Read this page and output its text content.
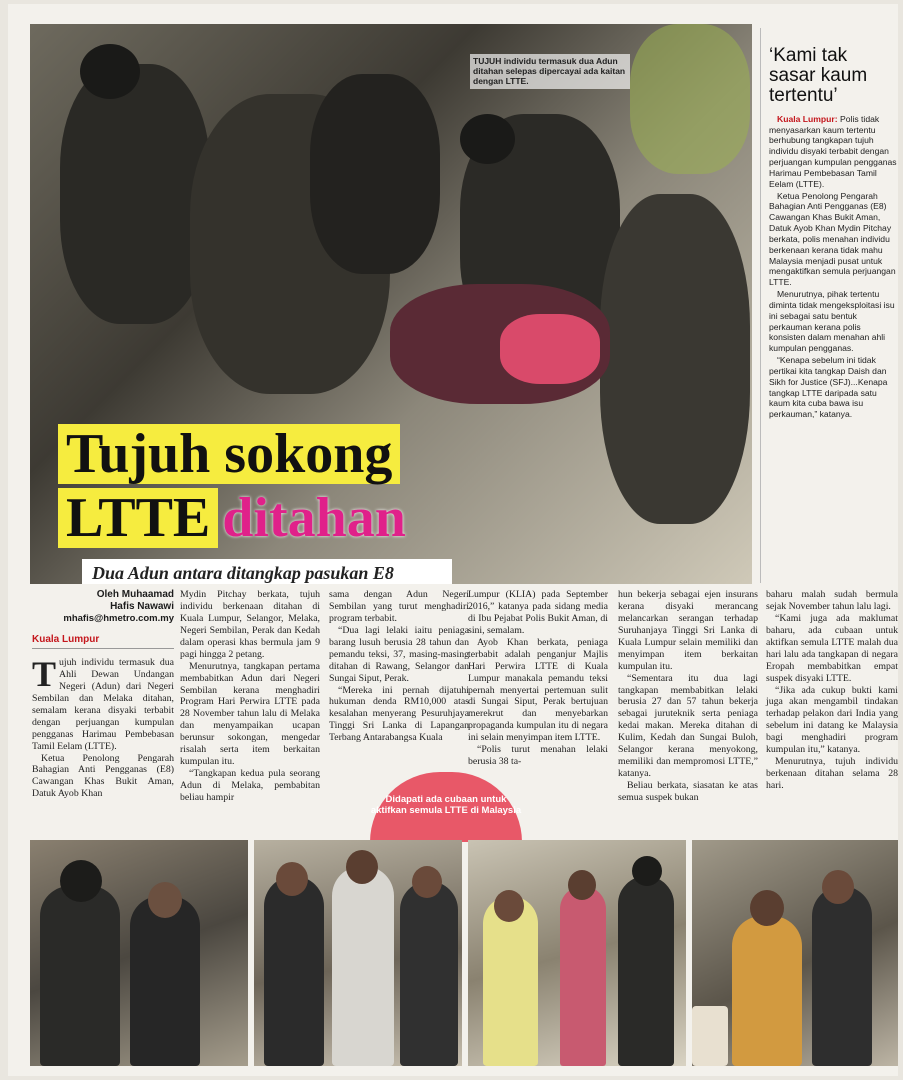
TUJUH individu termasuk dua Adun ditahan selepas dipercayai ada kaitan dengan LTTE.
Tujuh sokong
LTTE ditahan
Dua Adun antara ditangkap pasukan E8
‘Kami tak sasar kaum tertentu’

Kuala Lumpur: Polis tidak menyasarkan kaum tertentu berhubung tangkapan tujuh individu disyaki terbabit dengan perjuangan kumpulan pengganas Harimau Pembebasan Tamil Eelam (LTTE).

Ketua Penolong Pengarah Bahagian Anti Pengganas (E8) Cawangan Khas Bukit Aman, Datuk Ayob Khan Mydin Pitchay berkata, polis menahan individu berkenaan kerana tidak mahu Malaysia menjadi pusat untuk mengaktifkan semula perjuangan LTTE.

Menurutnya, pihak tertentu diminta tidak mengeksploitasi isu ini sebagai satu bentuk perkauman kerana polis konsisten dalam menahan ahli kumpulan pengganas.

“Kenapa sebelum ini tidak pertikai kita tangkap Daish dan Sikh for Justice (SFJ)...Kenapa tangkap LTTE daripada satu kaum kita cuba bawa isu perkauman,” katanya.

Oleh Muhaamad
Hafis Nawawi
mhafis@hmetro.com.my
Kuala Lumpur

Tujuh individu termasuk dua Ahli Dewan Undangan Negeri (Adun) dari Negeri Sembilan dan Melaka ditahan, semalam kerana disyaki terbabit dengan perjuangan kumpulan pengganas Harimau Pembebasan Tamil Eelam (LTTE).

Ketua Penolong Pengarah Bahagian Anti Pengganas (E8) Cawangan Khas Bukit Aman, Datuk Ayob Khan

Mydin Pitchay berkata, tujuh individu berkenaan ditahan di Kuala Lumpur, Selangor, Melaka, Negeri Sembilan, Perak dan Kedah dalam operasi khas bermula jam 9 pagi hingga 2 petang.

Menurutnya, tangkapan pertama membabitkan Adun dari Negeri Sembilan kerana menghadiri Program Hari Perwira LTTE pada 28 November tahun lalu di Melaka dan menyampaikan ucapan berunsur sokongan, mengedar risalah serta item berkaitan kumpulan itu.

“Tangkapan kedua pula seorang Adun di Melaka, pembabitan beliau hampir

sama dengan Adun Negeri Sembilan yang turut menghadiri program terbabit.

“Dua lagi lelaki iaitu peniaga barang lusuh berusia 28 tahun dan pemandu teksi, 37, masing-masing ditahan di Rawang, Selangor dan Sungai Siput, Perak.

“Mereka ini pernah dijatuhi hukuman denda RM10,000 atas kesalahan menyerang Pesuruhjaya Tinggi Sri Lanka di Lapangan Terbang Antarabangsa Kuala

Lumpur (KLIA) pada September 2016,” katanya pada sidang media di Ibu Pejabat Polis Bukit Aman, di sini, semalam.

Ayob Khan berkata, peniaga terbabit adalah penganjur Majlis Hari Perwira LTTE di Kuala Lumpur manakala pemandu teksi pernah menyertai pertemuan sulit di Sungai Siput, Perak bertujuan merekrut dan menyebarkan propaganda kumpulan itu di negara ini selain menyimpan item LTTE.

“Polis turut menahan lelaki berusia 38 ta-

hun bekerja sebagai ejen insurans kerana disyaki merancang melancarkan serangan terhadap Suruhanjaya Tinggi Sri Lanka di Kuala Lumpur selain memiliki dan menyimpan item berkaitan kumpulan itu.

“Sementara itu dua lagi tangkapan membabitkan lelaki berusia 27 dan 57 tahun bekerja sebagai juruteknik serta peniaga kedai makan. Mereka ditahan di Kulim, Kedah dan Sungai Buloh, Selangor kerana menyokong, memiliki dan mempromosi LTTE,” katanya.

Beliau berkata, siasatan ke atas semua suspek bukan

baharu malah sudah bermula sejak November tahun lalu lagi.

“Kami juga ada maklumat baharu, ada cubaan untuk aktifkan semula LTTE malah dua hari lalu ada tangkapan di negara Eropah membabitkan empat suspek disyaki LTTE.

“Jika ada cukup bukti kami juga akan mengambil tindakan terhadap pelakon dari India yang sebelum ini datang ke Malaysia bagi menghadiri program kumpulan itu,” katanya.

Menurutnya, tujuh individu berkenaan ditahan selama 28 hari.

Didapati ada cubaan untuk aktifkan semula LTTE di Malaysia
